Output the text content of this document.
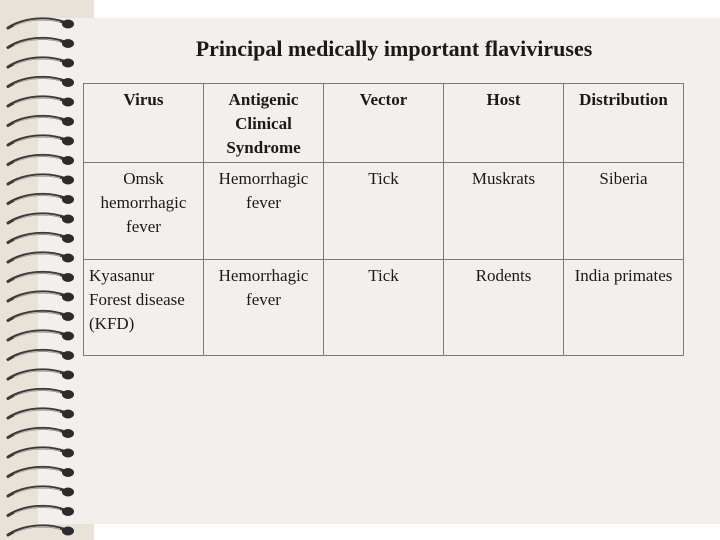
Principal medically important flaviviruses
Virus	Antigenic Clinical Syndrome	Vector	Host	Distribution
Omsk hemorrhagic fever	Hemorrhagic fever	Tick	Muskrats	Siberia
Kyasanur Forest disease (KFD)	Hemorrhagic fever	Tick	Rodents	India primates
